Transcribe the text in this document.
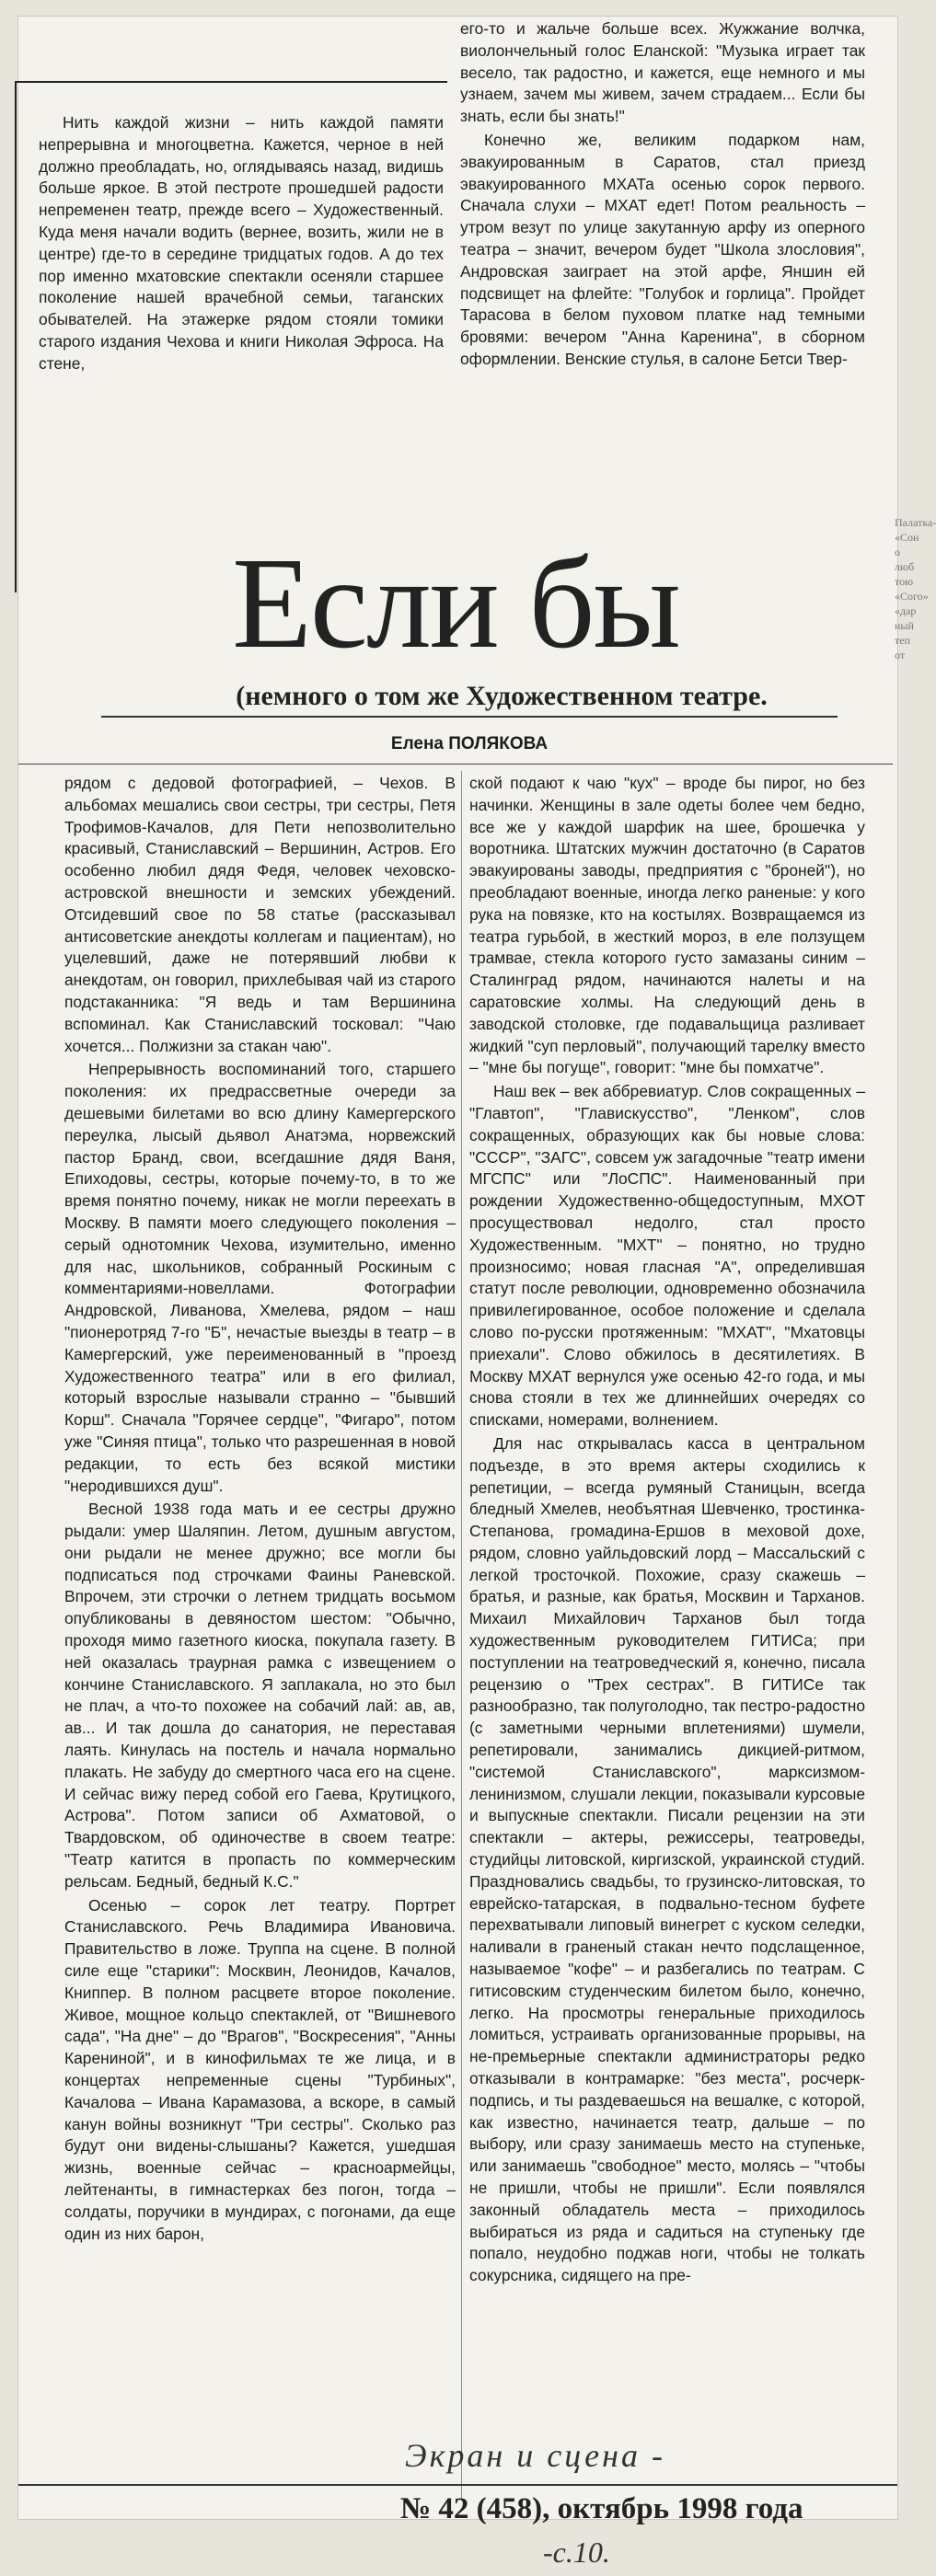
Нить каждой жизни – нить каждой памяти непрерывна и многоцветна. Кажется, черное в ней должно преобладать, но, оглядываясь назад, видишь больше яркое. В этой пестроте прошедшей радости непременен театр, прежде всего – Художественный. Куда меня начали водить (вернее, возить, жили не в центре) где-то в середине тридцатых годов. А до тех пор именно мхатовские спектакли осеняли старшее поколение нашей врачебной семьи, таганских обывателей. На этажерке рядом стояли томики старого издания Чехова и книги Николая Эфроса. На стене,

его-то и жальче больше всех. Жужжание волчка, виолончельный голос Еланской: "Музыка играет так весело, так радостно, и кажется, еще немного и мы узнаем, зачем мы живем, зачем страдаем... Если бы знать, если бы знать!"

Конечно же, великим подарком нам, эвакуированным в Саратов, стал приезд эвакуированного МХАТа осенью сорок первого. Сначала слухи – МХАТ едет! Потом реальность – утром везут по улице закутанную арфу из оперного театра – значит, вечером будет "Школа злословия", Андровская заиграет на этой арфе, Яншин ей подсвищет на флейте: "Голубок и горлица". Пройдет Тарасова в белом пуховом платке над темными бровями: вечером "Анна Каренина", в сборном оформлении. Венские стулья, в салоне Бетси Твер-

Если бы
(немного о том же Художественном театре.
Елена ПОЛЯКОВА

рядом с дедовой фотографией, – Чехов. В альбомах мешались свои сестры, три сестры, Петя Трофимов-Качалов, для Пети непозволительно красивый, Станиславский – Вершинин, Астров. Его особенно любил дядя Федя, человек чеховско-астровской внешности и земских убеждений. Отсидевший свое по 58 статье (рассказывал антисоветские анекдоты коллегам и пациентам), но уцелевший, даже не потерявший любви к анекдотам, он говорил, прихлебывая чай из старого подстаканника: "Я ведь и там Вершинина вспоминал. Как Станиславский тосковал: "Чаю хочется... Полжизни за стакан чаю".

Непрерывность воспоминаний того, старшего поколения: их предрассветные очереди за дешевыми билетами во всю длину Камергерского переулка, лысый дьявол Анатэма, норвежский пастор Бранд, свои, всегдашние дядя Ваня, Епиходовы, сестры, которые почему-то, в то же время понятно почему, никак не могли переехать в Москву. В памяти моего следующего поколения – серый однотомник Чехова, изумительно, именно для нас, школьников, собранный Роскиным с комментариями-новеллами. Фотографии Андровской, Ливанова, Хмелева, рядом – наш "пионеротряд 7-го "Б", нечастые выезды в театр – в Камергерский, уже переименованный в "проезд Художественного театра" или в его филиал, который взрослые называли странно – "бывший Корш". Сначала "Горячее сердце", "Фигаро", потом уже "Синяя птица", только что разрешенная в новой редакции, то есть без всякой мистики "неродившихся душ".

Весной 1938 года мать и ее сестры дружно рыдали: умер Шаляпин. Летом, душным августом, они рыдали не менее дружно; все могли бы подписаться под строчками Фаины Раневской. Впрочем, эти строчки о летнем тридцать восьмом опубликованы в девяностом шестом: "Обычно, проходя мимо газетного киоска, покупала газету. В ней оказалась траурная рамка с извещением о кончине Станиславского. Я заплакала, но это был не плач, а что-то похожее на собачий лай: ав, ав, ав... И так дошла до санатория, не переставая лаять. Кинулась на постель и начала нормально плакать. Не забуду до смертного часа его на сцене. И сейчас вижу перед собой его Гаева, Крутицкого, Астрова". Потом записи об Ахматовой, о Твардовском, об одиночестве в своем театре: "Театр катится в пропасть по коммерческим рельсам. Бедный, бедный К.С."

Осенью – сорок лет театру. Портрет Станиславского. Речь Владимира Ивановича. Правительство в ложе. Труппа на сцене. В полной силе еще "старики": Москвин, Леонидов, Качалов, Книппер. В полном расцвете второе поколение. Живое, мощное кольцо спектаклей, от "Вишневого сада", "На дне" – до "Врагов", "Воскресения", "Анны Карениной", и в кинофильмах те же лица, и в концертах непременные сцены "Турбиных", Качалова – Ивана Карамазова, а вскоре, в самый канун войны возникнут "Три сестры". Сколько раз будут они видены-слышаны? Кажется, ушедшая жизнь, военные сейчас – красноармейцы, лейтенанты, в гимнастерках без погон, тогда – солдаты, поручики в мундирах, с погонами, да еще один из них барон,

ской подают к чаю "кух" – вроде бы пирог, но без начинки. Женщины в зале одеты более чем бедно, все же у каждой шарфик на шее, брошечка у воротника. Штатских мужчин достаточно (в Саратов эвакуированы заводы, предприятия с "броней"), но преобладают военные, иногда легко раненые: у кого рука на повязке, кто на костылях. Возвращаемся из театра гурьбой, в жесткий мороз, в еле ползущем трамвае, стекла которого густо замазаны синим – Сталинград рядом, начинаются налеты и на саратовские холмы. На следующий день в заводской столовке, где подавальщица разливает жидкий "суп перловый", получающий тарелку вместо – "мне бы погуще", говорит: "мне бы помхатче".

Наш век – век аббревиатур. Слов сокращенных – "Главтоп", "Главискусство", "Ленком", слов сокращенных, образующих как бы новые слова: "СССР", "ЗАГС", совсем уж загадочные "театр имени МГСПС" или "ЛоСПС". Наименованный при рождении Художественно-общедоступным, МХОТ просуществовал недолго, стал просто Художественным. "МХТ" – понятно, но трудно произносимо; новая гласная "А", определившая статут после революции, одновременно обозначила привилегированное, особое положение и сделала слово по-русски протяженным: "МХАТ", "Мхатовцы приехали". Слово обжилось в десятилетиях. В Москву МХАТ вернулся уже осенью 42-го года, и мы снова стояли в тех же длиннейших очередях со списками, номерами, волнением.

Для нас открывалась касса в центральном подъезде, в это время актеры сходились к репетиции, – всегда румяный Станицын, всегда бледный Хмелев, необъятная Шевченко, тростинка-Степанова, громадина-Ершов в меховой дохе, рядом, словно уайльдовский лорд – Массальский с легкой тросточкой. Похожие, сразу скажешь – братья, и разные, как братья, Москвин и Тарханов. Михаил Михайлович Тарханов был тогда художественным руководителем ГИТИСа; при поступлении на театроведческий я, конечно, писала рецензию о "Трех сестрах". В ГИТИСе так разнообразно, так полуголодно, так пестро-радостно (с заметными черными вплетениями) шумели, репетировали, занимались дикцией-ритмом, "системой Станиславского", марксизмом-ленинизмом, слушали лекции, показывали курсовые и выпускные спектакли. Писали рецензии на эти спектакли – актеры, режиссеры, театроведы, студийцы литовской, киргизской, украинской студий. Праздновались свадьбы, то грузинско-литовская, то еврейско-татарская, в подвально-тесном буфете перехватывали липовый винегрет с куском селедки, наливали в граненый стакан нечто подслащенное, называемое "кофе" – и разбегались по театрам. С гитисовским студенческим билетом было, конечно, легко. На просмотры генеральные приходилось ломиться, устраивать организованные прорывы, на не-премьерные спектакли администраторы редко отказывали в контрамарке: "без места", росчерк-подпись, и ты раздеваешься на вешалке, с которой, как известно, начинается театр, дальше – по выбору, или сразу занимаешь место на ступеньке, или занимаешь "свободное" место, молясь – "чтобы не пришли, чтобы не пришли". Если появлялся законный обладатель места – приходилось выбираться из ряда и садиться на ступеньку где попало, неудобно поджав ноги, чтобы не толкать сокурсника, сидящего на пре-

Палатка-
«Сон о
люб
тою
«Сого»
«дар
ный
теп
от
Экран и сцена -
№ 42 (458), октябрь 1998 года
-с.10.
